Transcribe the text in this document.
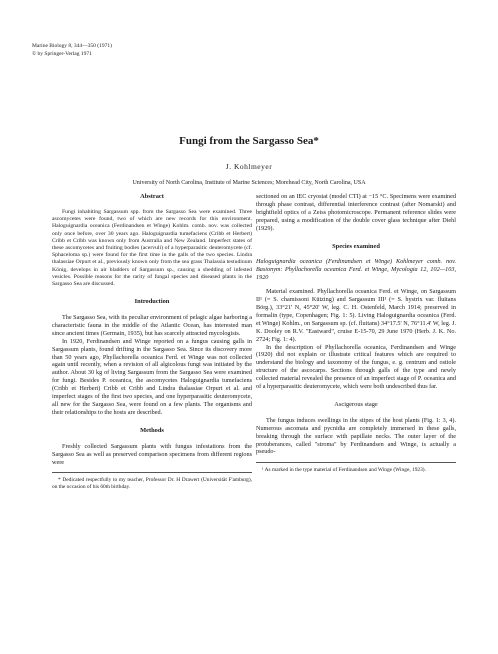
Marine Biology 8, 344—350 (1971)
© by Springer-Verlag 1971
Fungi from the Sargasso Sea*
J. Kohlmeyer
University of North Carolina, Institute of Marine Sciences; Morehead City, North Carolina, USA
Abstract

Fungi inhabiting Sargassum spp. from the Sargasso Sea were examined. Three ascomycetes were found, two of which are new records for this environment. Haloguignardia oceanica (Ferdinandsen et Winge) Kohlm. comb. nov. was collected only once before, over 30 years ago. Haloguignardia tumefaciens (Cribb et Herbert) Cribb et Cribb was known only from Australia and New Zealand. Imperfect states of these ascomycetes and fruiting bodies (acervuli) of a hyperparasitic deuteromycete (cf. Sphaceloma sp.) were found for the first time in the galls of the two species. Lindra thalassiae Orpurt et al., previously known only from the sea grass Thalassia testudinum König, develops in air bladders of Sargassum sp., causing a shedding of infested vesicles. Possible reasons for the rarity of fungal species and diseased plants in the Sargasso Sea are discussed.

Introduction

The Sargasso Sea, with its peculiar environment of pelagic algae harboring a characteristic fauna in the middle of the Atlantic Ocean, has interested man since ancient times (Germain, 1935), but has scarcely attracted mycologists.

In 1920, Ferdinandsen and Winge reported on a fungus causing galls in Sargassum plants, found drifting in the Sargasso Sea. Since its discovery more than 50 years ago, Phyllachorella oceanica Ferd. et Winge was not collected again until recently, when a revision of all algicolous fungi was initiated by the author. About 30 kg of living Sargassum from the Sargasso Sea were examined for fungi. Besides P. oceanica, the ascomycetes Haloguignardia tumefaciens (Cribb et Herbert) Cribb et Cribb and Lindra thalassiae Orpurt et al. and imperfect stages of the first two species, and one hyperparasitic deuteromycete, all new for the Sargasso Sea, were found on a few plants. The organisms and their relationships to the hosts are described.

Methods

Freshly collected Sargassum plants with fungus infestations from the Sargasso Sea as well as preserved comparison specimens from different regions were

* Dedicated respectfully to my teacher, Professor Dr. H Drawert (Universität F'amburg), on the occasion of his 60th birthday.

sectioned on an IEC cryostat (model CTI) at −15 °C. Specimens were examined through phase contrast, differential interference contrast (after Nomarski) and brightfield optics of a Zeiss photomicroscope. Permanent reference slides were prepared, using a modification of the double cover glass technique after Diehl (1929).

Species examined

Haloguignardia oceanica (Ferdinandsen et Winge) Kohlmeyer comb. nov. Basionym: Phyllachorella oceanica Ferd. et Winge, Mycologia 12, 102—103, 1920

Material examined. Phyllachorella oceanica Ferd. et Winge, on Sargassum II¹ (= S. chamissoni Kützing) and Sargassum III¹ (= S. hystrix var. fluitans Börg.), 33°21' N, 45°20' W, leg. C. H. Ostenfeld, March 1914; preserved in formalin (type, Copenhagen; Fig. 1: 5). Living Haloguignardia oceanica (Ferd. et Winge) Kohlm., on Sargassum sp. (cf. fluitans) 34°17.5' N, 76°11.4' W, leg. J. K. Dooley on R.V. "Eastward", cruise E-15-70, 29 June 1970 (Herb. J. K. No. 2724; Fig. 1: 4).

In the description of Phyllachorella oceanica, Ferdinandsen and Winge (1920) did not explain or illustrate critical features which are required to understand the biology and taxonomy of the fungus, e. g. centrum and ostiole structure of the ascocarps. Sections through galls of the type and newly collected material revealed the presence of an imperfect stage of P. oceanica and of a hyperparasitic deuteromycete, which were both undescribed thus far.

Ascigerous stage

The fungus induces swellings in the stipes of the host plants (Fig. 1: 3, 4). Numerous ascomata and pycnidia are completely immersed in these galls, breaking through the surface with papillate necks. The outer layer of the protuberances, called "stroma" by Ferdinandsen and Winge, is actually a pseudo-

¹ As marked in the type material of Ferdinandsen and Winge (Winge, 1923).
